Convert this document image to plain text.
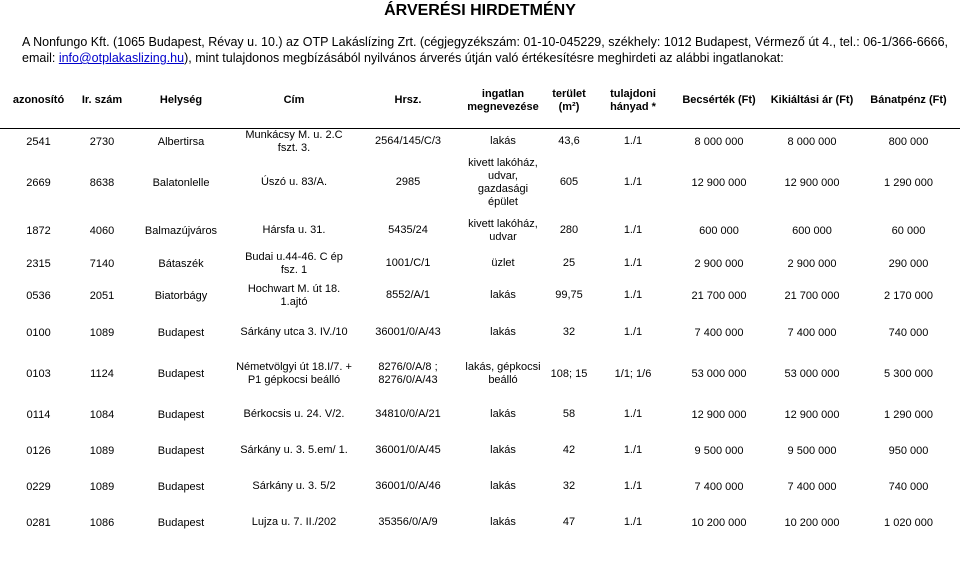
ÁRVERÉSI HIRDETMÉNY
A Nonfungo Kft. (1065 Budapest, Révay u. 10.) az OTP Lakáslízing Zrt. (cégjegyzékszám: 01-10-045229, székhely: 1012 Budapest, Vérmező út 4., tel.: 06-1/366-6666, email: info@otplakaslizing.hu), mint tulajdonos megbízásából nyilvános árverés útján való értékesítésre meghirdeti az alábbi ingatlanokat:
azonosító	Ir. szám	Helység	Cím	Hrsz.	ingatlan megnevezése	terület (m²)	tulajdoni hányad *	Becsérték (Ft)	Kikiáltási ár (Ft)	Bánatpénz (Ft)
2541	2730	Albertirsa	Munkácsy M. u. 2.C fszt. 3.	2564/145/C/3	lakás	43,6	1./1	8 000 000	8 000 000	800 000
2669	8638	Balatonlelle	Úszó u. 83/A.	2985	kivett lakóház, udvar, gazdasági épület	605	1./1	12 900 000	12 900 000	1 290 000
1872	4060	Balmazújváros	Hársfa u. 31.	5435/24	kivett lakóház, udvar	280	1./1	600 000	600 000	60 000
2315	7140	Bátaszék	Budai u.44-46. C ép fsz. 1	1001/C/1	üzlet	25	1./1	2 900 000	2 900 000	290 000
0536	2051	Biatorbágy	Hochwart M. út 18. 1.ajtó	8552/A/1	lakás	99,75	1./1	21 700 000	21 700 000	2 170 000
0100	1089	Budapest	Sárkány utca 3. IV./10	36001/0/A/43	lakás	32	1./1	7 400 000	7 400 000	740 000
0103	1124	Budapest	Németvölgyi út 18.I/7. + P1 gépkocsi beálló	8276/0/A/8 ; 8276/0/A/43	lakás, gépkocsi beálló	108; 15	1/1; 1/6	53 000 000	53 000 000	5 300 000
0114	1084	Budapest	Bérkocsis u. 24. V/2.	34810/0/A/21	lakás	58	1./1	12 900 000	12 900 000	1 290 000
0126	1089	Budapest	Sárkány u. 3. 5.em/ 1.	36001/0/A/45	lakás	42	1./1	9 500 000	9 500 000	950 000
0229	1089	Budapest	Sárkány u. 3. 5/2	36001/0/A/46	lakás	32	1./1	7 400 000	7 400 000	740 000
0281	1086	Budapest	Lujza u. 7. II./202	35356/0/A/9	lakás	47	1./1	10 200 000	10 200 000	1 020 000
